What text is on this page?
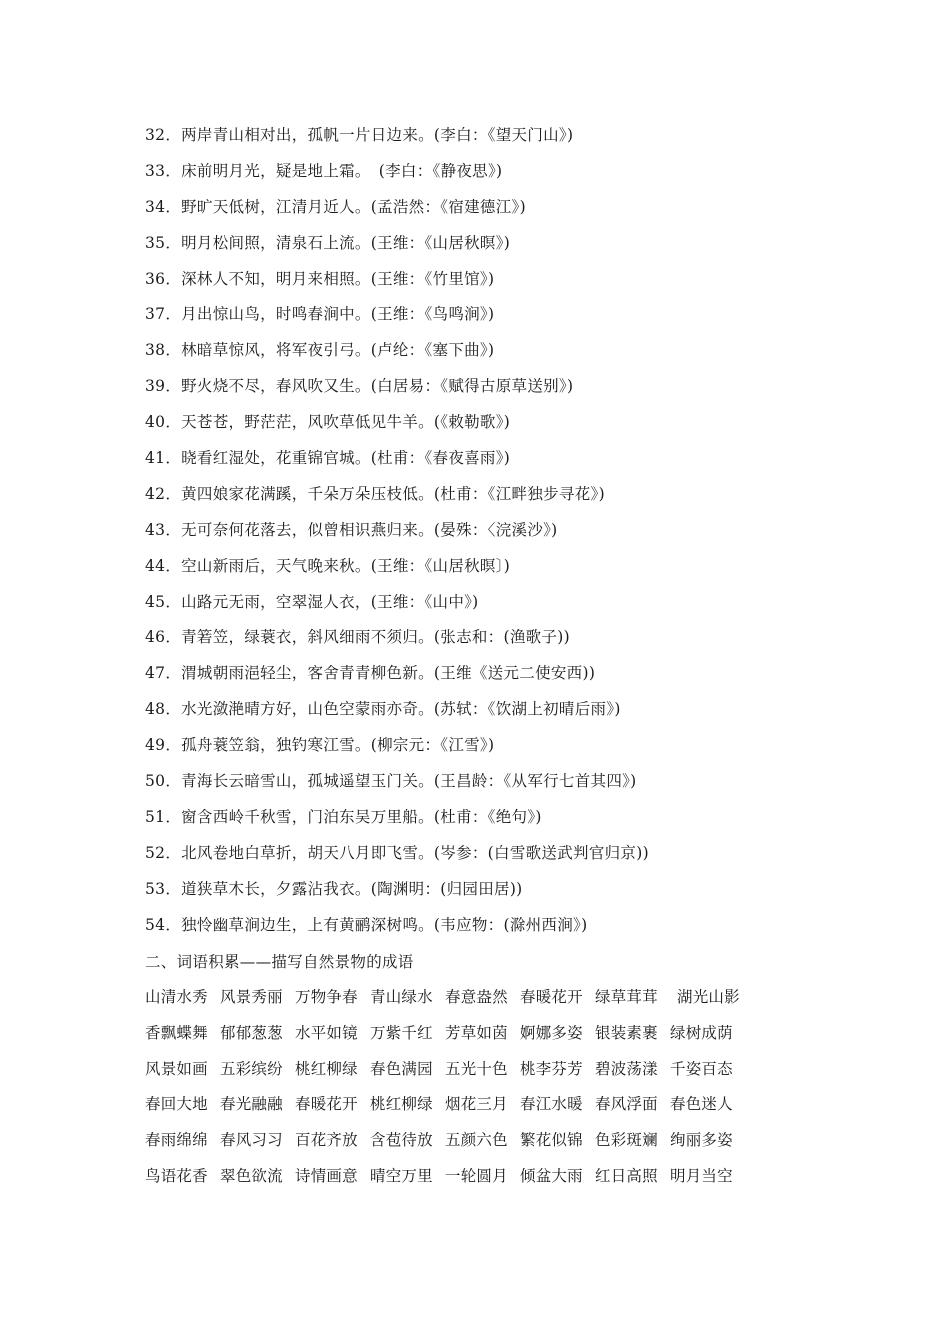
32．两岸青山相对出，孤帆一片日边来。(李白：《望天门山》)
33．床前明月光，疑是地上霜。　(李白：《静夜思》)
34．野旷天低树，江清月近人。(孟浩然：《宿建德江》)
35．明月松间照，清泉石上流。(王维：《山居秋暝》)
36．深林人不知，明月来相照。(王维：《竹里馆》)
37．月出惊山鸟，时鸣春涧中。(王维：《鸟鸣涧》)
38．林暗草惊风，将军夜引弓。(卢纶：《塞下曲》)
39．野火烧不尽，春风吹又生。(白居易：《赋得古原草送别》)
40．天苍苍，野茫茫，风吹草低见牛羊。(《敕勒歌》)
41．晓看红湿处，花重锦官城。(杜甫：《春夜喜雨》)
42．黄四娘家花满蹊，千朵万朵压枝低。(杜甫：《江畔独步寻花》)
43．无可奈何花落去，似曾相识燕归来。(晏殊：〈浣溪沙》)
44．空山新雨后，天气晚来秋。(王维：《山居秋暝〕)
45．山路元无雨，空翠湿人衣，(王维：《山中》)
46．青箬笠，绿蓑衣，斜风细雨不须归。(张志和：(渔歌子))
47．渭城朝雨浥轻尘，客舍青青柳色新。(王维《送元二使安西))
48．水光潋滟晴方好，山色空蒙雨亦奇。(苏轼：《饮湖上初晴后雨》)
49．孤舟蓑笠翁，独钓寒江雪。(柳宗元：《江雪》)
50．青海长云暗雪山，孤城遥望玉门关。(王昌龄：《从军行七首其四》)
51．窗含西岭千秋雪，门泊东吴万里船。(杜甫：《绝句》)
52．北风卷地白草折，胡天八月即飞雪。(岑参：(白雪歌送武判官归京))
53．道狭草木长，夕露沾我衣。(陶渊明：(归园田居))
54．独怜幽草涧边生，上有黄鹂深树鸣。(韦应物：(滁州西涧》)
二、词语积累——描写自然景物的成语
山清水秀 风景秀丽 万物争春 青山绿水 春意盎然 春暖花开 绿草茸茸	湖光山影
香飘蝶舞 郁郁葱葱 水平如镜 万紫千红 芳草如茵 婀娜多姿 银装素裹 绿树成荫
风景如画 五彩缤纷 桃红柳绿 春色满园 五光十色 桃李芬芳 碧波荡漾 千姿百态
春回大地 春光融融 春暖花开 桃红柳绿 烟花三月 春江水暖 春风浮面 春色迷人
春雨绵绵 春风习习 百花齐放 含苞待放 五颜六色 繁花似锦 色彩斑斓 绚丽多姿
鸟语花香 翠色欲流 诗情画意 晴空万里 一轮圆月 倾盆大雨 红日高照 明月当空
